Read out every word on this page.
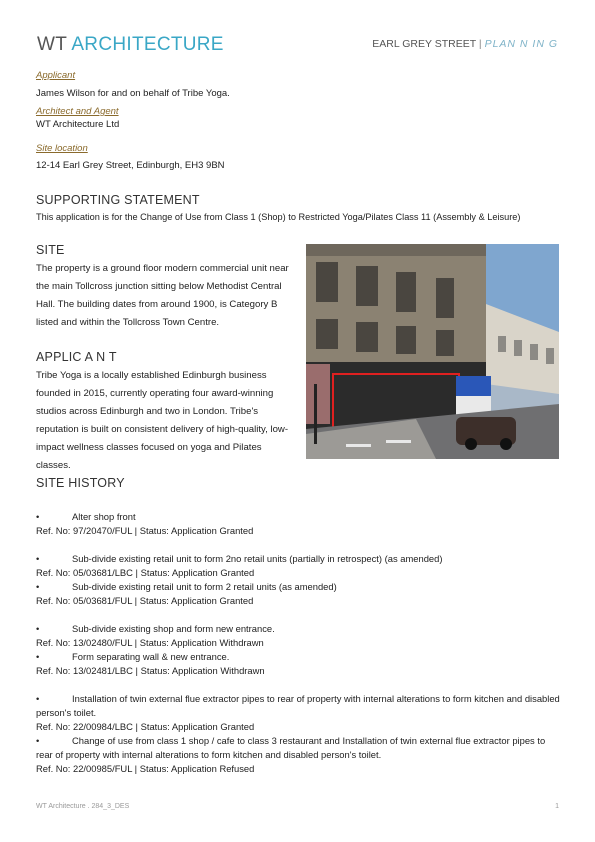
WT ARCHITECTURE	EARL GREY STREET | PLAN N IN G
Applicant
James Wilson for and on behalf of Tribe Yoga.
Architect and Agent
WT Architecture Ltd
Site location
12-14 Earl Grey Street, Edinburgh, EH3 9BN
SUPPORTING STATEMENT
This application is for the Change of Use from Class 1 (Shop) to Restricted Yoga/Pilates Class 11 (Assembly & Leisure)
SITE
The property is a ground floor modern commercial unit near the main Tollcross junction sitting below Methodist Central Hall. The building dates from around 1900, is Category B listed and within the Tollcross Town Centre.
APPLIC A N T
Tribe Yoga is a locally established Edinburgh business founded in 2015, currently operating four award-winning studios across Edinburgh and two in London. Tribe's reputation is built on consistent delivery of high-quality, low-impact wellness classes focused on yoga and Pilates classes.
SITE HISTORY
•	Alter shop front
Ref. No: 97/20470/FUL | Status: Application Granted
•	Sub-divide existing retail unit to form 2no retail units (partially in retrospect) (as amended)
Ref. No: 05/03681/LBC | Status: Application Granted
•	Sub-divide existing retail unit to form 2 retail units (as amended)
Ref. No: 05/03681/FUL | Status: Application Granted
•	Sub-divide existing shop and form new entrance.
Ref. No: 13/02480/FUL | Status: Application Withdrawn
•	Form separating wall & new entrance.
Ref. No: 13/02481/LBC | Status: Application Withdrawn
•	Installation of twin external flue extractor pipes to rear of property with internal alterations to form kitchen and disabled person's toilet.
Ref. No: 22/00984/LBC | Status: Application Granted
•	Change of use from class 1 shop / cafe to class 3 restaurant and Installation of twin external flue extractor pipes to rear of property with internal alterations to form kitchen and disabled person's toilet.
Ref. No: 22/00985/FUL | Status: Application Refused
WT Architecture . 284_3_DES	1
